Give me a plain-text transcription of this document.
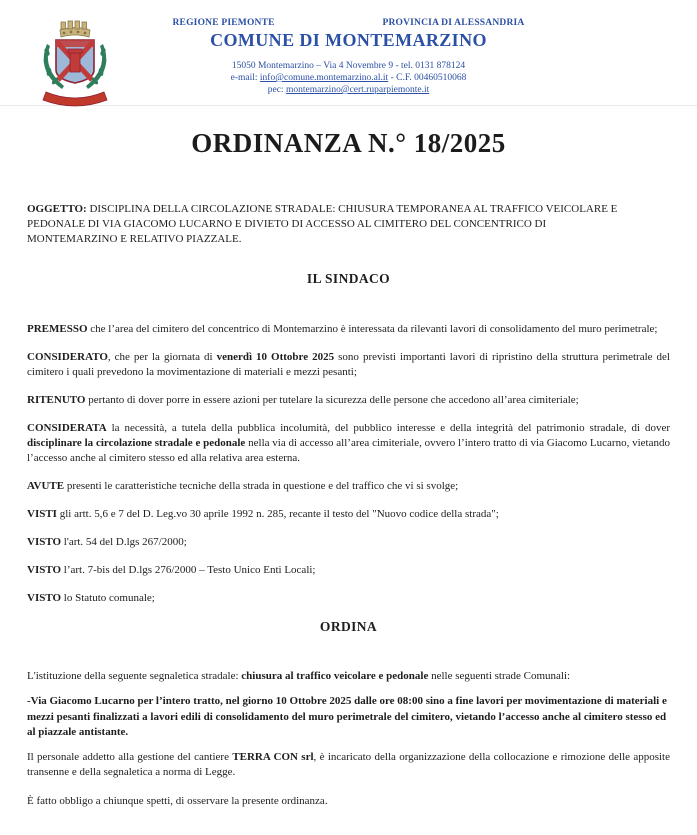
REGIONE PIEMONTE	PROVINCIA DI ALESSANDRIA
COMUNE DI MONTEMARZINO
15050 Montemarzino – Via 4 Novembre 9 - tel. 0131 878124
e-mail: info@comune.montemarzino.al.it - C.F. 00460510068
pec: montemarzino@cert.ruparpiemonte.it
ORDINANZA N.° 18/2025

OGGETTO: DISCIPLINA DELLA CIRCOLAZIONE STRADALE: CHIUSURA TEMPORANEA AL TRAFFICO VEICOLARE E PEDONALE DI VIA GIACOMO LUCARNO E DIVIETO DI ACCESSO AL CIMITERO DEL CONCENTRICO DI MONTEMARZINO E RELATIVO PIAZZALE.

IL SINDACO

PREMESSO che l’area del cimitero del concentrico di Montemarzino è interessata da rilevanti lavori di consolidamento del muro perimetrale;

CONSIDERATO, che per la giornata di venerdì 10 Ottobre 2025 sono previsti importanti lavori di ripristino della struttura perimetrale del cimitero i quali prevedono la movimentazione di materiali e mezzi pesanti;

RITENUTO pertanto di dover porre in essere azioni per tutelare la sicurezza delle persone che accedono all’area cimiteriale;

CONSIDERATA la necessità, a tutela della pubblica incolumità, del pubblico interesse e della integrità del patrimonio stradale, di dover disciplinare la circolazione stradale e pedonale nella via di accesso all’area cimiteriale, ovvero l’intero tratto di via Giacomo Lucarno, vietando l’accesso anche al cimitero stesso ed alla relativa area esterna.

AVUTE presenti le caratteristiche tecniche della strada in questione e del traffico che vi si svolge;

VISTI gli artt. 5,6 e 7 del D. Leg.vo 30 aprile 1992 n. 285, recante il testo del "Nuovo codice della strada";

VISTO l'art. 54 del D.lgs 267/2000;

VISTO l’art. 7-bis del D.lgs 276/2000 – Testo Unico Enti Locali;

VISTO lo Statuto comunale;

ORDINA

L'istituzione della seguente segnaletica stradale: chiusura al traffico veicolare e pedonale nelle seguenti strade Comunali:

-Via Giacomo Lucarno per l’intero tratto, nel giorno 10 Ottobre 2025 dalle ore 08:00 sino a fine lavori per movimentazione di materiali e mezzi pesanti finalizzati a lavori edili di consolidamento del muro perimetrale del cimitero, vietando l’accesso anche al cimitero stesso ed al piazzale antistante.

Il personale addetto alla gestione del cantiere TERRA CON srl, è incaricato della organizzazione della collocazione e rimozione delle apposite transenne e della segnaletica a norma di Legge.

È fatto obbligo a chiunque spetti, di osservare la presente ordinanza.
